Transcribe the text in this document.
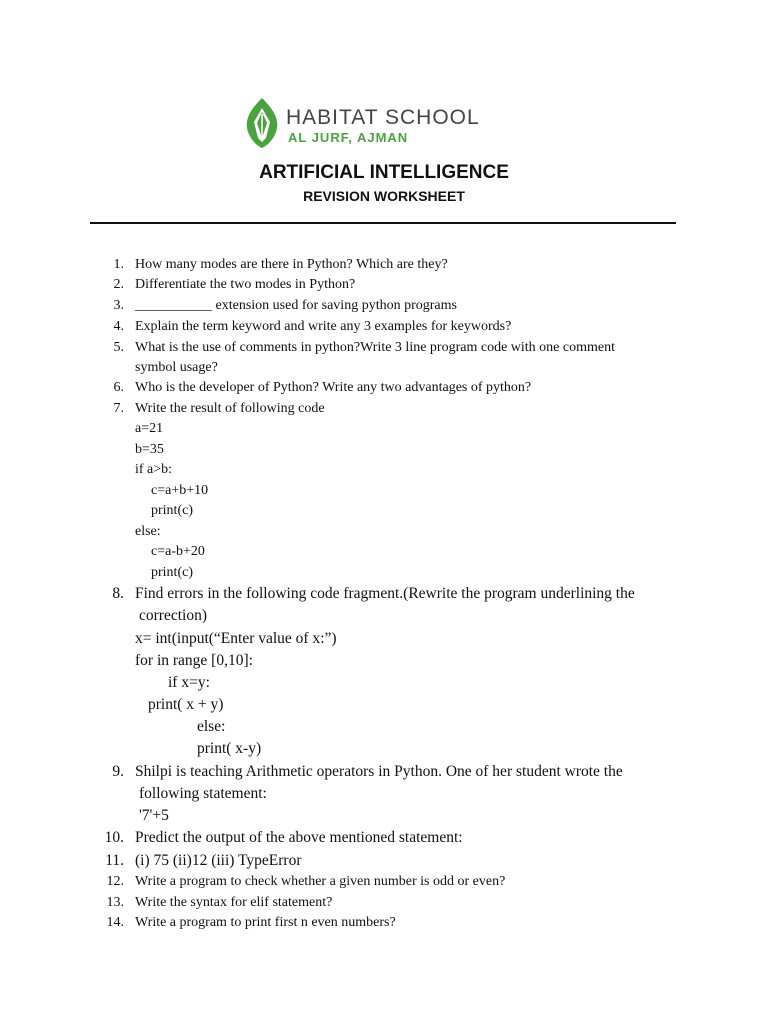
HABITAT SCHOOL
AL JURF, AJMAN
ARTIFICIAL INTELLIGENCE
REVISION WORKSHEET
1. How many modes are there in Python? Which are they?
2. Differentiate the two modes in Python?
3. ___________ extension used for saving python programs
4. Explain the term keyword and write any 3 examples for keywords?
5. What is the use of comments in python?Write 3 line program code with one comment
symbol usage?
6. Who is the developer of Python? Write any two advantages of python?
7. Write the result of following code
a=21
b=35
if a>b:
c=a+b+10
print(c)
else:
c=a-b+20
print(c)
8. Find errors in the following code fragment.(Rewrite the program underlining the
correction)
x= int(input(“Enter value of x:”)
for in range [0,10]:
if x=y:
print( x + y)
else:
print( x-y)
9. Shilpi is teaching Arithmetic operators in Python. One of her student wrote the
following statement:
'7'+5
10. Predict the output of the above mentioned statement:
11. (i) 75 (ii)12 (iii) TypeError
12. Write a program to check whether a given number is odd or even?
13. Write the syntax for elif statement?
14. Write a program to print first n even numbers?
